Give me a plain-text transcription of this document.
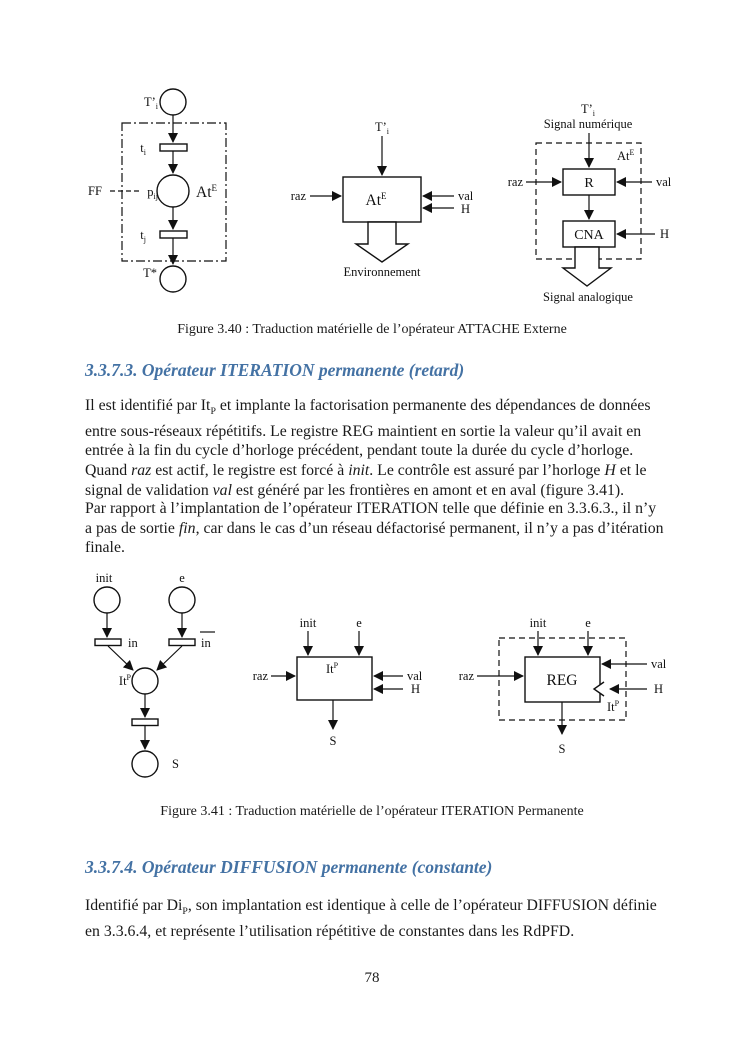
$T’_i$
$t_i$
$p_{ij}$ $At^E$
FF
$t_j$
T*
$T’_i$
$At^E$
raz	val
H
Environnement
$T’_i$
Signal numérique
$At^E$
R
raz	val
CNA	H
Signal analogique
Figure 3.40 : Traduction matérielle de l’opérateur ATTACHE Externe
3.3.7.3. Opérateur ITERATION permanente (retard)

Il est identifié par $It_P$ et implante la factorisation permanente des dépendances de données entre sous-réseaux répétitifs. Le registre REG maintient en sortie la valeur qu’il avait en entrée à la fin du cycle d’horloge précédent, pendant toute la durée du cycle d’horloge. Quand raz est actif, le registre est forcé à init. Le contrôle est assuré par l’horloge H et le signal de validation val est généré par les frontières en amont et en aval (figure 3.41).

Par rapport à l’implantation de l’opérateur ITERATION telle que définie en 3.3.6.3., il n’y a pas de sortie fin, car dans le cas d’un réseau défactorisé permanent, il n’y a pas d’itération finale.

init	e
in	in
$It^P$
S
init	e
$It^P$
raz	val
H
S
init	e
REG
raz
val
H
$It^P$
S
Figure 3.41 : Traduction matérielle de l’opérateur ITERATION Permanente
3.3.7.4. Opérateur DIFFUSION permanente (constante)

Identifié par $Di_P$, son implantation est identique à celle de l’opérateur DIFFUSION définie en 3.3.6.4, et représente l’utilisation répétitive de constantes dans les RdPFD.

78
